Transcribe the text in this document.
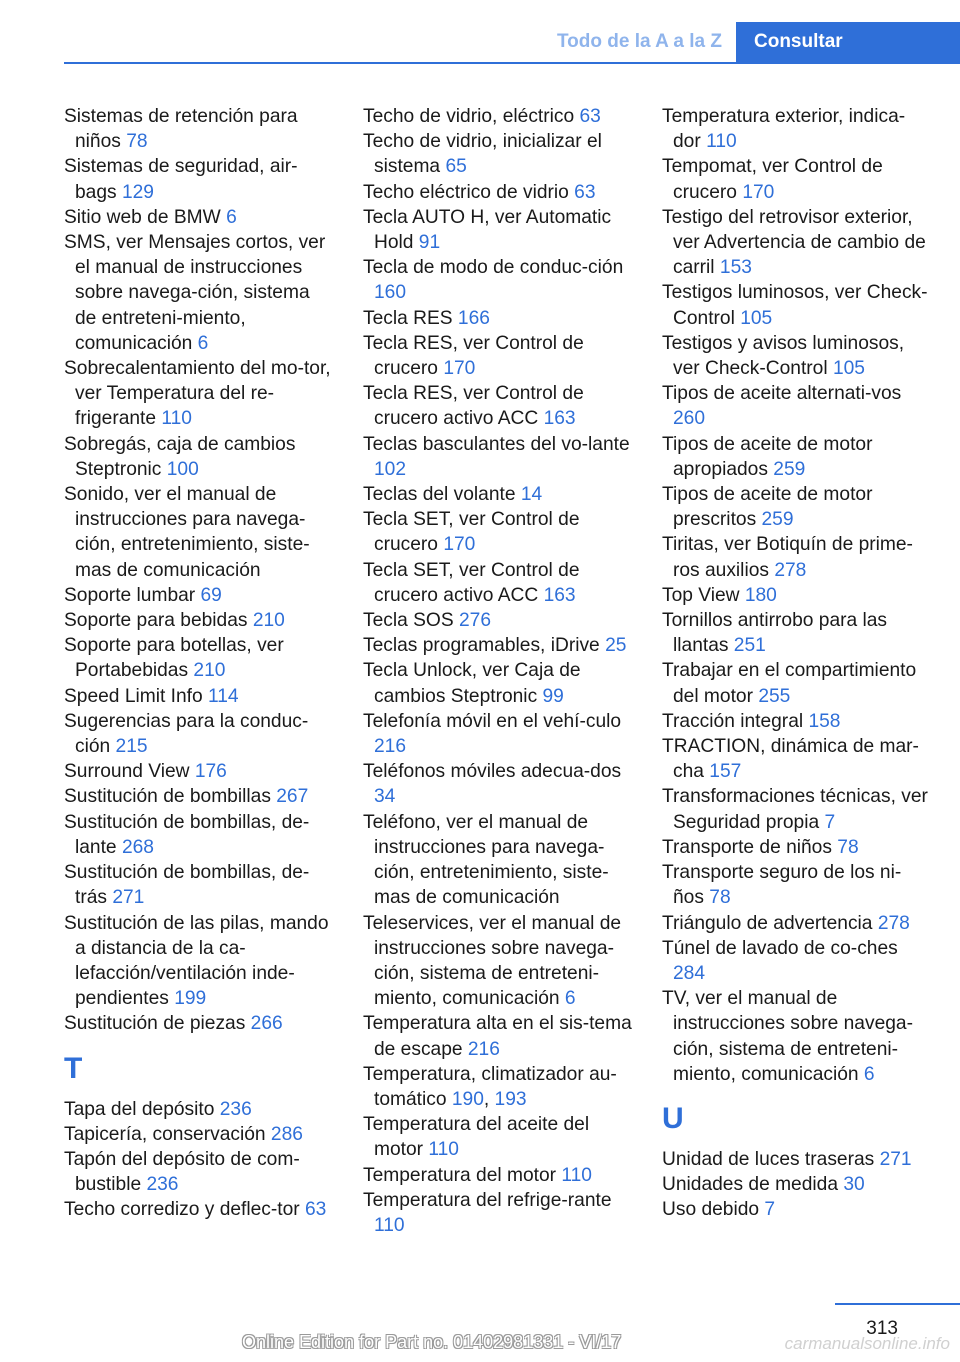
Todo de la A a la Z	Consultar
Sistemas de retención para niños 78
Sistemas de seguridad, air-bags 129
Sitio web de BMW 6
SMS, ver Mensajes cortos, ver el manual de instrucciones sobre navega-ción, sistema de entreteni-miento, comunicación 6
Sobrecalentamiento del mo-tor, ver Temperatura del re-frigerante 110
Sobregás, caja de cambios Steptronic 100
Sonido, ver el manual de instrucciones para navega-ción, entretenimiento, siste-mas de comunicación
Soporte lumbar 69
Soporte para bebidas 210
Soporte para botellas, ver Portabebidas 210
Speed Limit Info 114
Sugerencias para la conduc-ción 215
Surround View 176
Sustitución de bombillas 267
Sustitución de bombillas, de-lante 268
Sustitución de bombillas, de-trás 271
Sustitución de las pilas, mando a distancia de la ca-lefacción/ventilación inde-pendientes 199
Sustitución de piezas 266
T
Tapa del depósito 236
Tapicería, conservación 286
Tapón del depósito de com-bustible 236
Techo corredizo y deflec-tor 63
Techo de vidrio, eléctrico 63
Techo de vidrio, inicializar el sistema 65
Techo eléctrico de vidrio 63
Tecla AUTO H, ver Automatic Hold 91
Tecla de modo de conduc-ción 160
Tecla RES 166
Tecla RES, ver Control de crucero 170
Tecla RES, ver Control de crucero activo ACC 163
Teclas basculantes del vo-lante 102
Teclas del volante 14
Tecla SET, ver Control de crucero 170
Tecla SET, ver Control de crucero activo ACC 163
Tecla SOS 276
Teclas programables, iDrive 25
Tecla Unlock, ver Caja de cambios Steptronic 99
Telefonía móvil en el vehí-culo 216
Teléfonos móviles adecua-dos 34
Teléfono, ver el manual de instrucciones para navega-ción, entretenimiento, siste-mas de comunicación
Teleservices, ver el manual de instrucciones sobre navega-ción, sistema de entreteni-miento, comunicación 6
Temperatura alta en el sis-tema de escape 216
Temperatura, climatizador au-tomático 190, 193
Temperatura del aceite del motor 110
Temperatura del motor 110
Temperatura del refrige-rante 110
Temperatura exterior, indica-dor 110
Tempomat, ver Control de crucero 170
Testigo del retrovisor exterior, ver Advertencia de cambio de carril 153
Testigos luminosos, ver Check-Control 105
Testigos y avisos luminosos, ver Check-Control 105
Tipos de aceite alternati-vos 260
Tipos de aceite de motor apropiados 259
Tipos de aceite de motor prescritos 259
Tiritas, ver Botiquín de prime-ros auxilios 278
Top View 180
Tornillos antirrobo para las llantas 251
Trabajar en el compartimiento del motor 255
Tracción integral 158
TRACTION, dinámica de mar-cha 157
Transformaciones técnicas, ver Seguridad propia 7
Transporte de niños 78
Transporte seguro de los ni-ños 78
Triángulo de advertencia 278
Túnel de lavado de co-ches 284
TV, ver el manual de instrucciones sobre navega-ción, sistema de entreteni-miento, comunicación 6
U
Unidad de luces traseras 271
Unidades de medida 30
Uso debido 7
313
Online Edition for Part no. 01402981331 - VI/17	carmanualsonline.info
